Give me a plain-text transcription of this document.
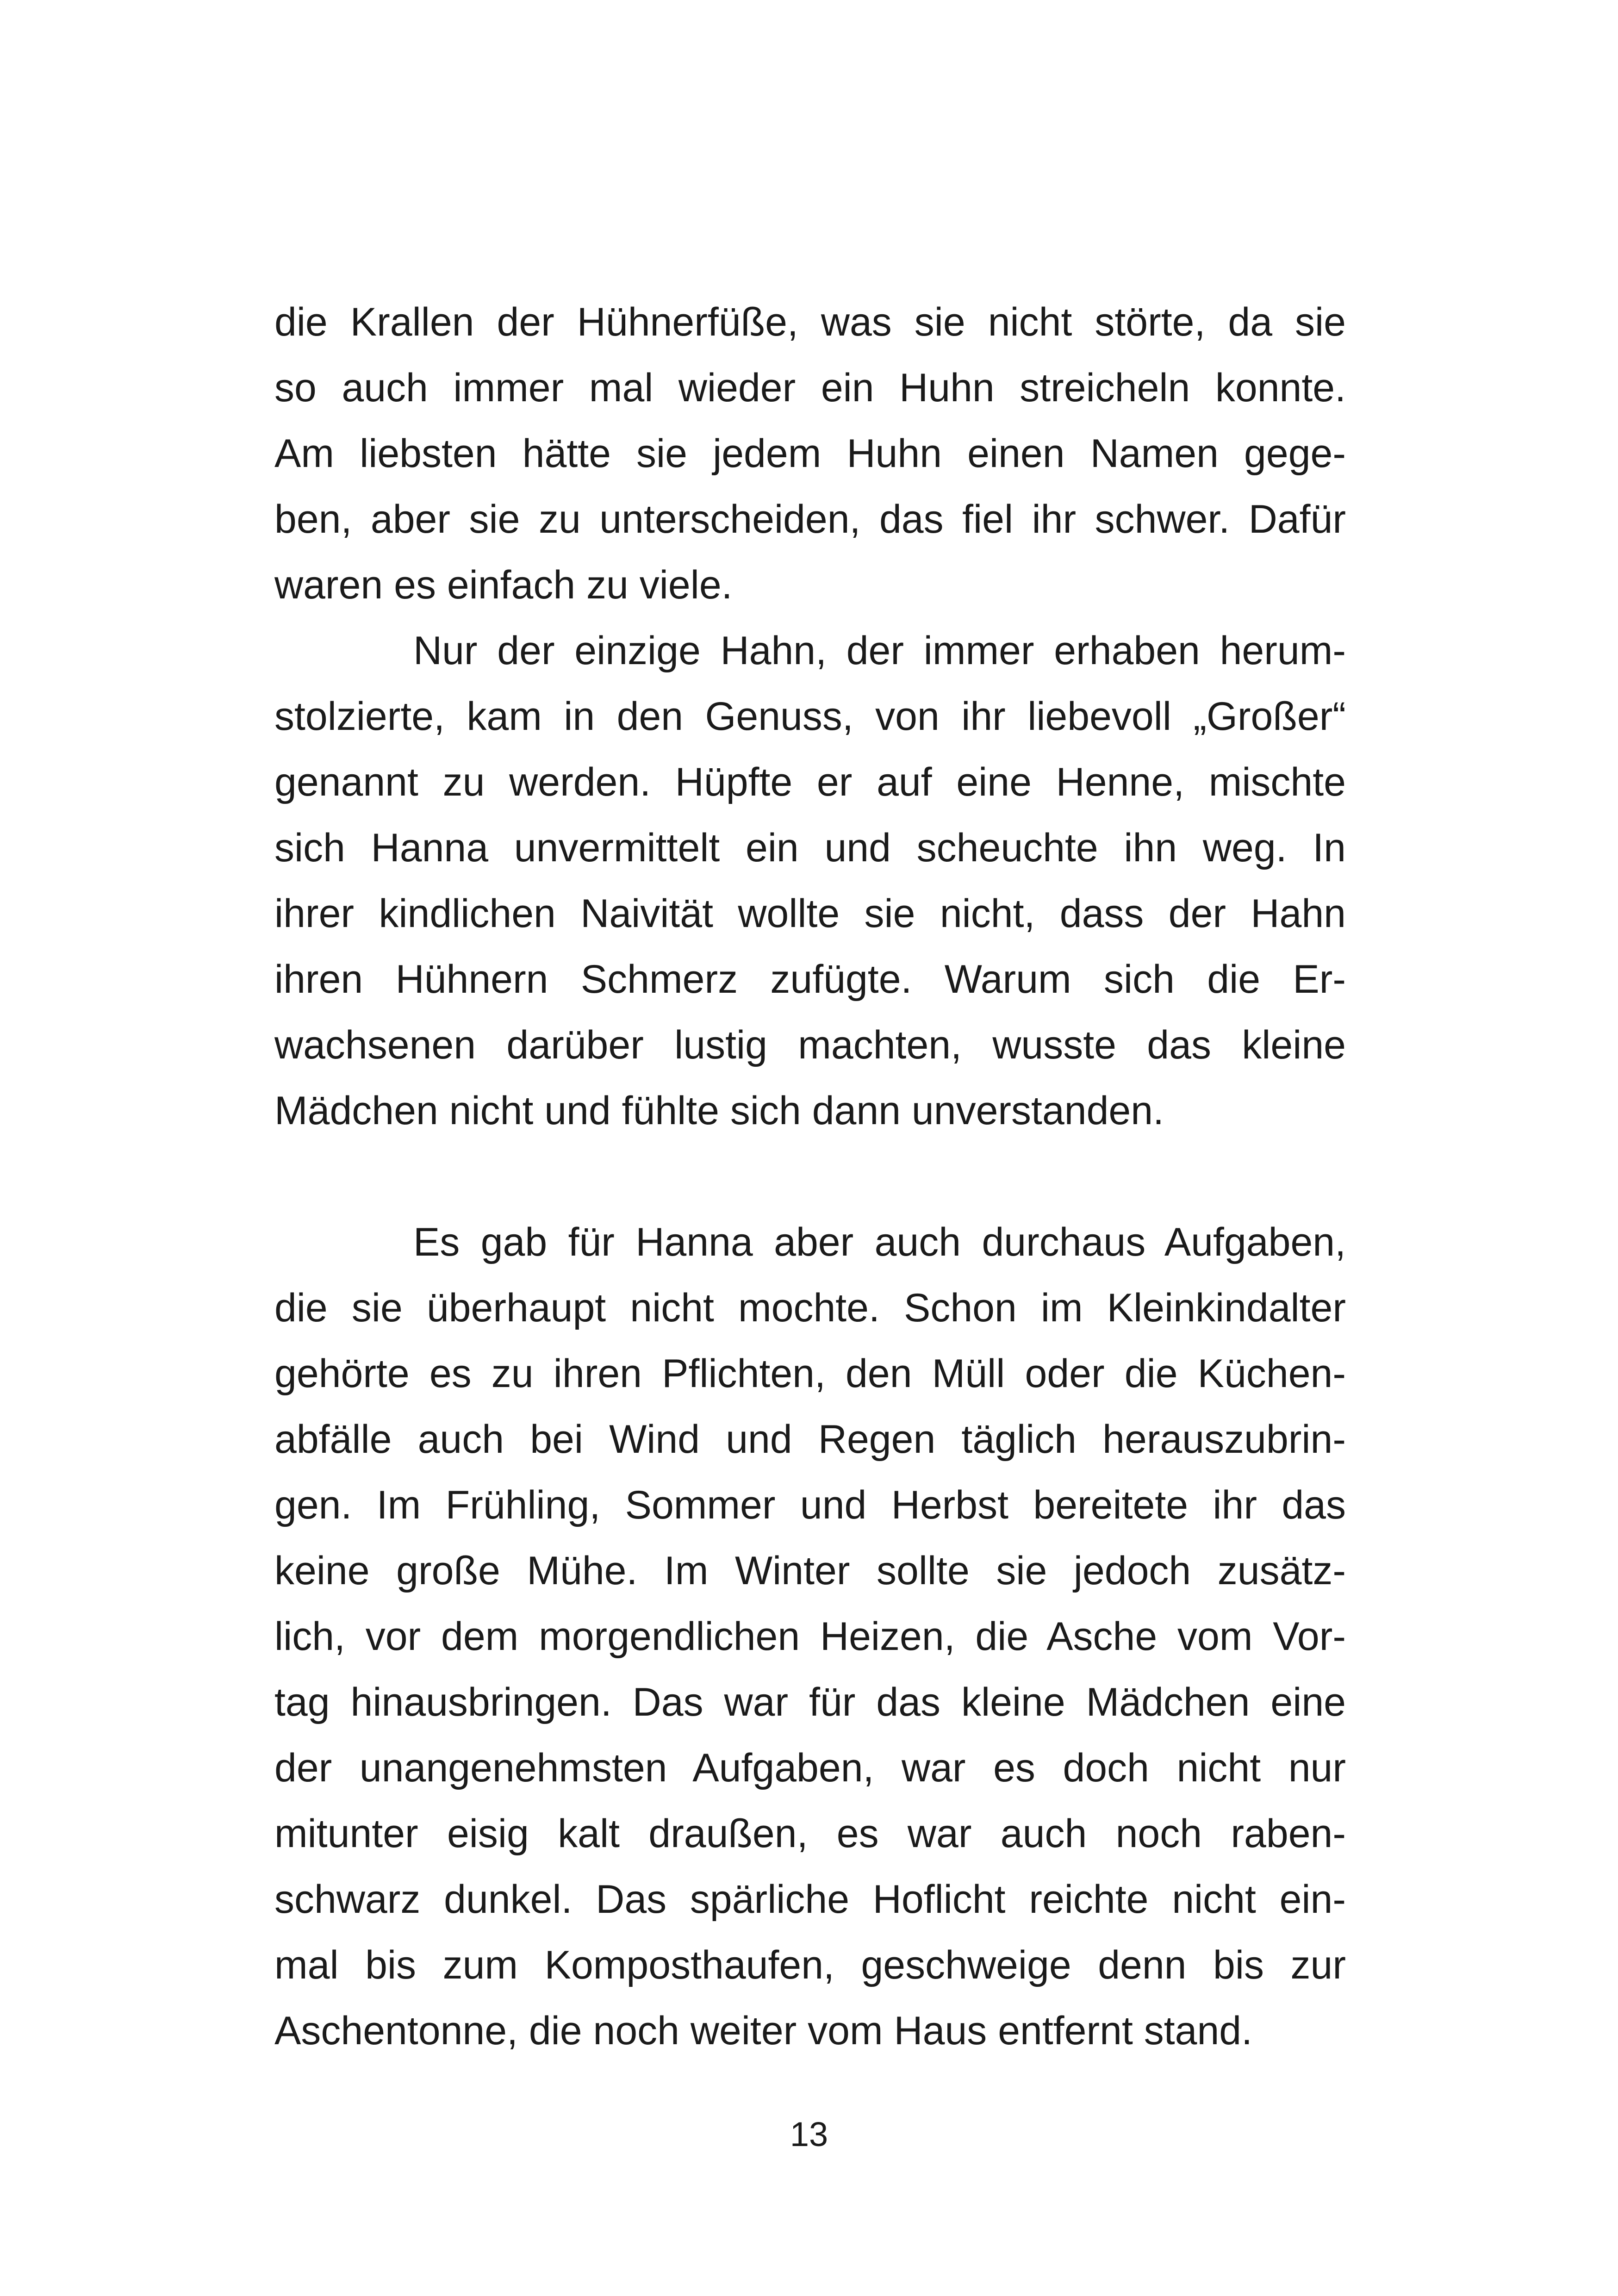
die Krallen der Hühnerfüße, was sie nicht störte, da sie
so auch immer mal wieder ein Huhn streicheln konnte.
Am liebsten hätte sie jedem Huhn einen Namen gege-
ben, aber sie zu unterscheiden, das fiel ihr schwer. Dafür
waren es einfach zu viele.
Nur der einzige Hahn, der immer erhaben herum-
stolzierte, kam in den Genuss, von ihr liebevoll „Großer“
genannt zu werden. Hüpfte er auf eine Henne, mischte
sich Hanna unvermittelt ein und scheuchte ihn weg. In
ihrer kindlichen Naivität wollte sie nicht, dass der Hahn
ihren Hühnern Schmerz zufügte. Warum sich die Er-
wachsenen darüber lustig machten, wusste das kleine
Mädchen nicht und fühlte sich dann unverstanden.
Es gab für Hanna aber auch durchaus Aufgaben,
die sie überhaupt nicht mochte. Schon im Kleinkindalter
gehörte es zu ihren Pflichten, den Müll oder die Küchen-
abfälle auch bei Wind und Regen täglich herauszubrin-
gen. Im Frühling, Sommer und Herbst bereitete ihr das
keine große Mühe. Im Winter sollte sie jedoch zusätz-
lich, vor dem morgendlichen Heizen, die Asche vom Vor-
tag hinausbringen. Das war für das kleine Mädchen eine
der unangenehmsten Aufgaben, war es doch nicht nur
mitunter eisig kalt draußen, es war auch noch raben-
schwarz dunkel. Das spärliche Hoflicht reichte nicht ein-
mal bis zum Komposthaufen, geschweige denn bis zur
Aschentonne, die noch weiter vom Haus entfernt stand.
13
